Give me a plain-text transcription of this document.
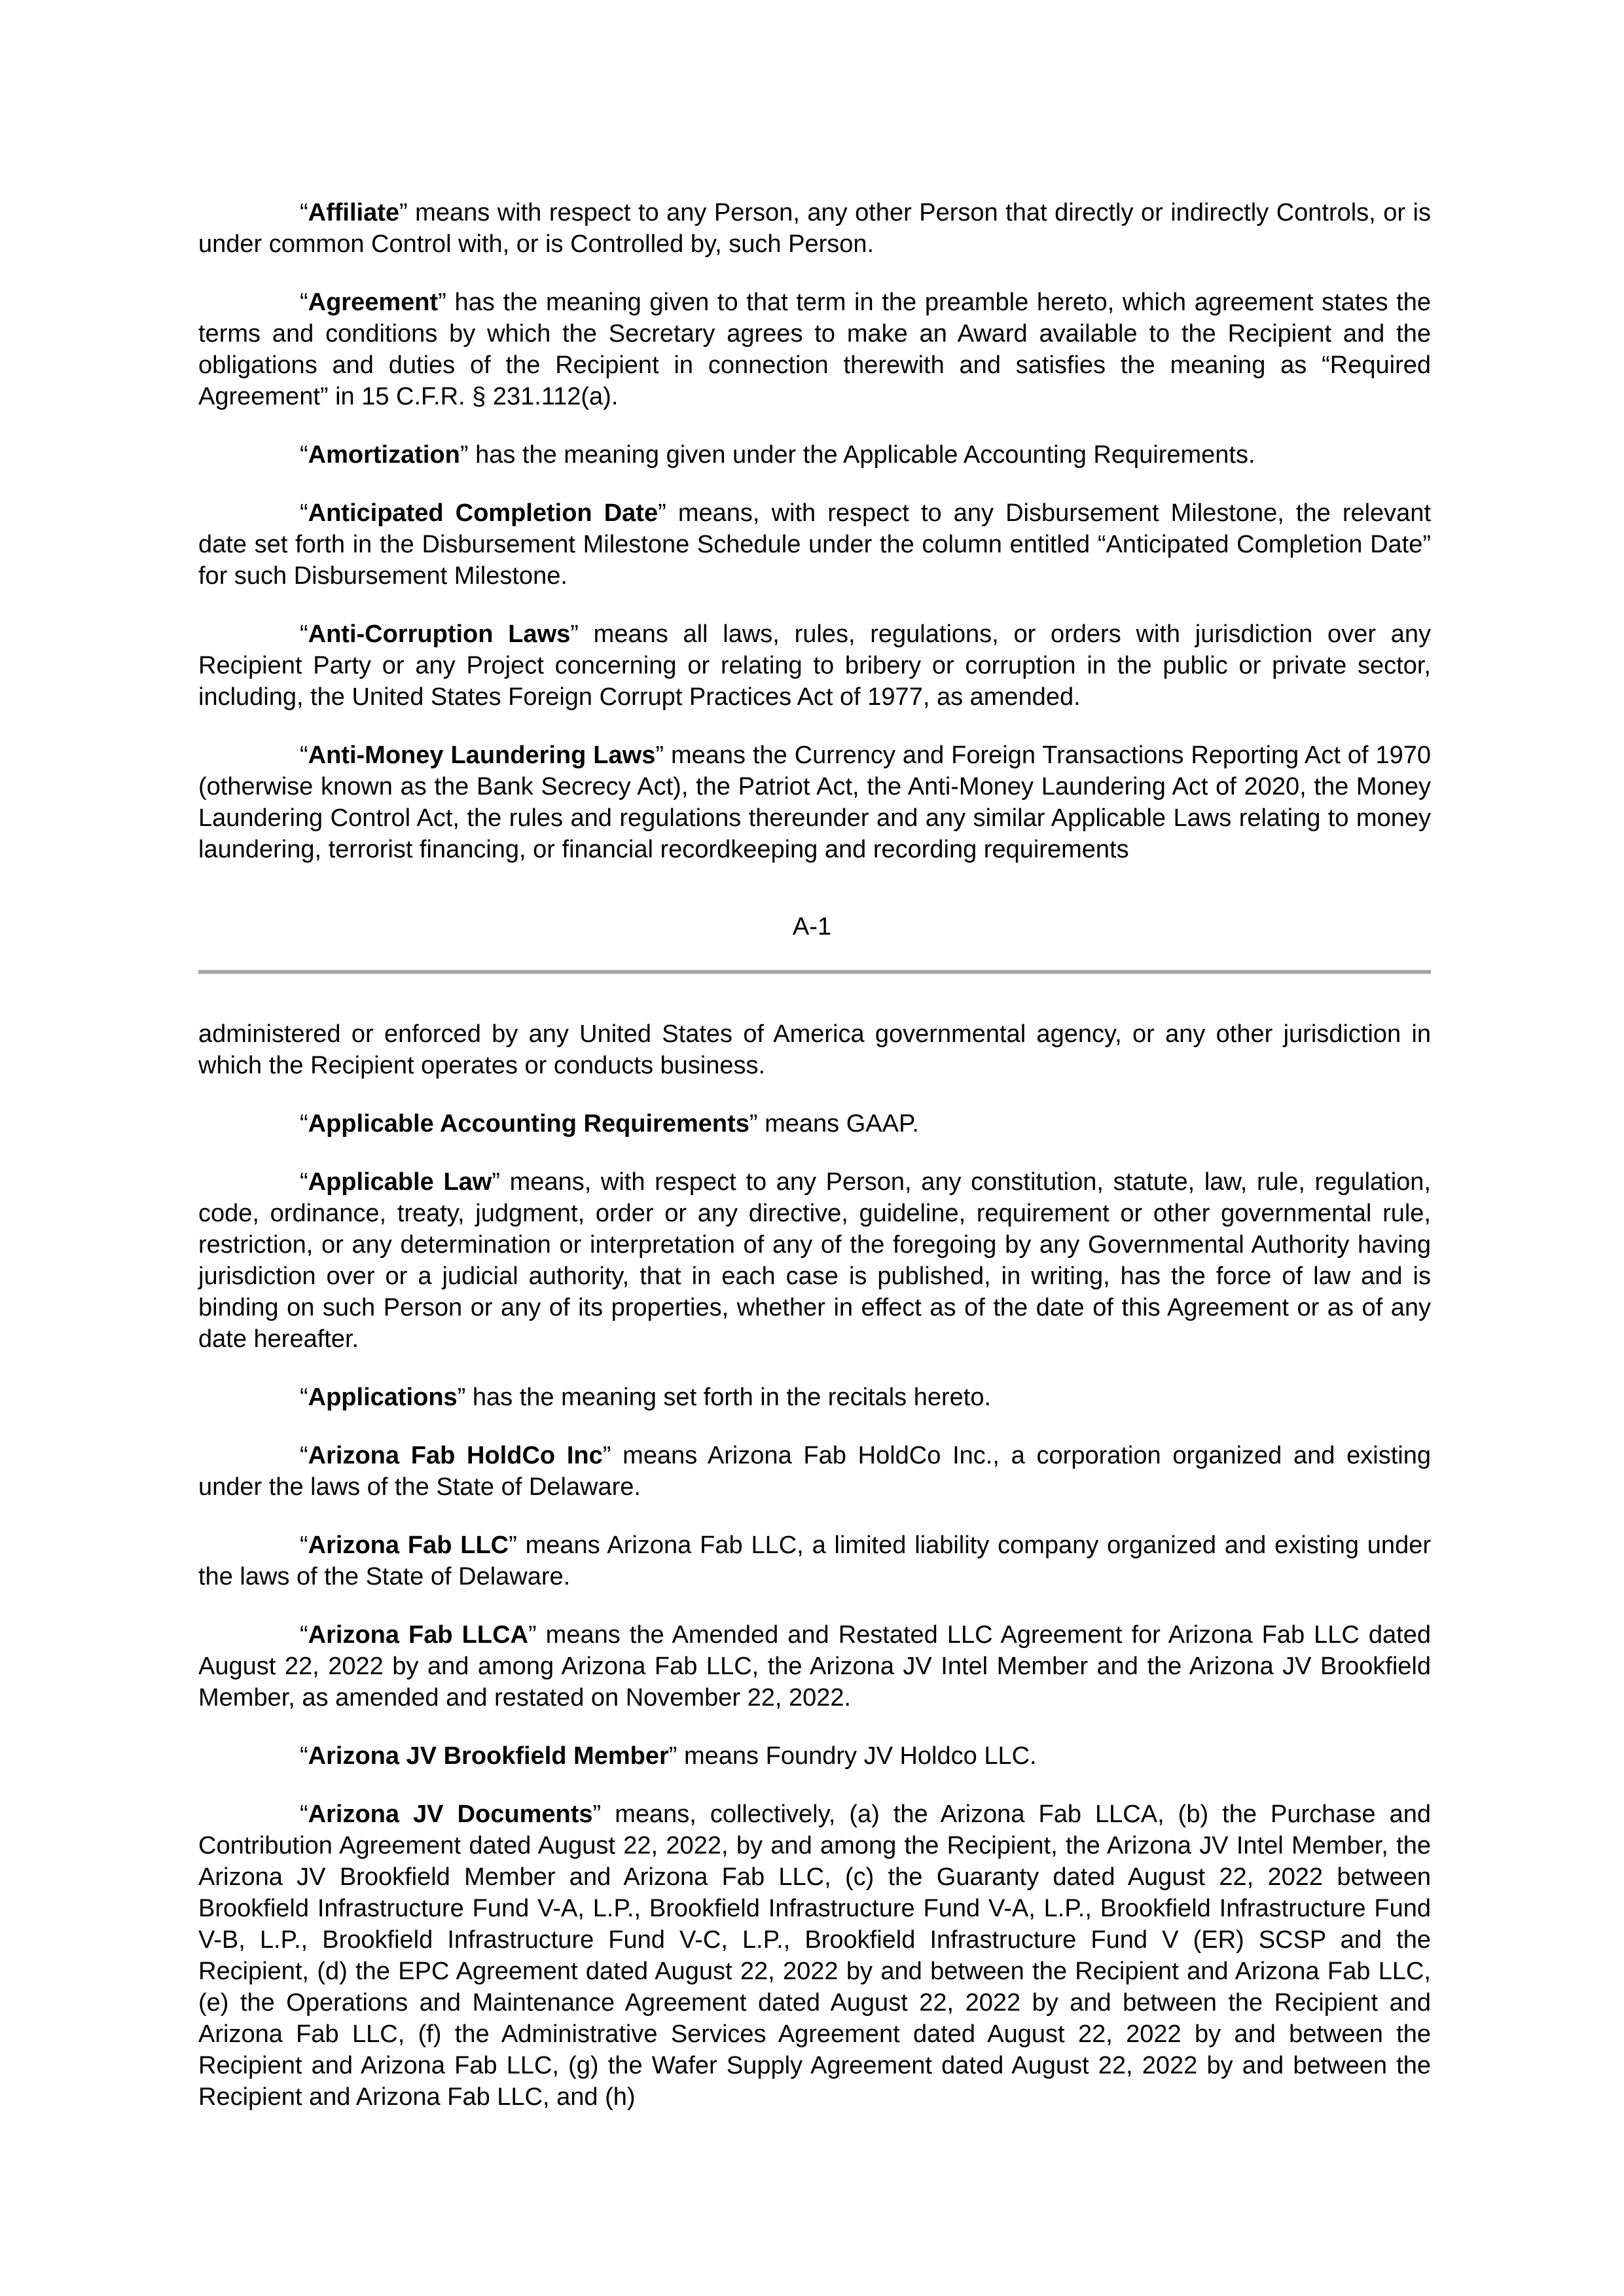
“Affiliate” means with respect to any Person, any other Person that directly or indirectly Controls, or is under common Control with, or is Controlled by, such Person.

“Agreement” has the meaning given to that term in the preamble hereto, which agreement states the terms and conditions by which the Secretary agrees to make an Award available to the Recipient and the obligations and duties of the Recipient in connection therewith and satisfies the meaning as “Required Agreement” in 15 C.F.R. § 231.112(a).

“Amortization” has the meaning given under the Applicable Accounting Requirements.

“Anticipated Completion Date” means, with respect to any Disbursement Milestone, the relevant date set forth in the Disbursement Milestone Schedule under the column entitled “Anticipated Completion Date” for such Disbursement Milestone.

“Anti-Corruption Laws” means all laws, rules, regulations, or orders with jurisdiction over any Recipient Party or any Project concerning or relating to bribery or corruption in the public or private sector, including, the United States Foreign Corrupt Practices Act of 1977, as amended.

“Anti-Money Laundering Laws” means the Currency and Foreign Transactions Reporting Act of 1970 (otherwise known as the Bank Secrecy Act), the Patriot Act, the Anti-Money Laundering Act of 2020, the Money Laundering Control Act, the rules and regulations thereunder and any similar Applicable Laws relating to money laundering, terrorist financing, or financial recordkeeping and recording requirements

A-1

administered or enforced by any United States of America governmental agency, or any other jurisdiction in which the Recipient operates or conducts business.

“Applicable Accounting Requirements” means GAAP.

“Applicable Law” means, with respect to any Person, any constitution, statute, law, rule, regulation, code, ordinance, treaty, judgment, order or any directive, guideline, requirement or other governmental rule, restriction, or any determination or interpretation of any of the foregoing by any Governmental Authority having jurisdiction over or a judicial authority, that in each case is published, in writing, has the force of law and is binding on such Person or any of its properties, whether in effect as of the date of this Agreement or as of any date hereafter.

“Applications” has the meaning set forth in the recitals hereto.

“Arizona Fab HoldCo Inc” means Arizona Fab HoldCo Inc., a corporation organized and existing under the laws of the State of Delaware.

“Arizona Fab LLC” means Arizona Fab LLC, a limited liability company organized and existing under the laws of the State of Delaware.

“Arizona Fab LLCA” means the Amended and Restated LLC Agreement for Arizona Fab LLC dated August 22, 2022 by and among Arizona Fab LLC, the Arizona JV Intel Member and the Arizona JV Brookfield Member, as amended and restated on November 22, 2022.

“Arizona JV Brookfield Member” means Foundry JV Holdco LLC.

“Arizona JV Documents” means, collectively, (a) the Arizona Fab LLCA, (b) the Purchase and Contribution Agreement dated August 22, 2022, by and among the Recipient, the Arizona JV Intel Member, the Arizona JV Brookfield Member and Arizona Fab LLC, (c) the Guaranty dated August 22, 2022 between Brookfield Infrastructure Fund V-A, L.P., Brookfield Infrastructure Fund V-A, L.P., Brookfield Infrastructure Fund V-B, L.P., Brookfield Infrastructure Fund V-C, L.P., Brookfield Infrastructure Fund V (ER) SCSP and the Recipient, (d) the EPC Agreement dated August 22, 2022 by and between the Recipient and Arizona Fab LLC, (e) the Operations and Maintenance Agreement dated August 22, 2022 by and between the Recipient and Arizona Fab LLC, (f) the Administrative Services Agreement dated August 22, 2022 by and between the Recipient and Arizona Fab LLC, (g) the Wafer Supply Agreement dated August 22, 2022 by and between the Recipient and Arizona Fab LLC, and (h)
